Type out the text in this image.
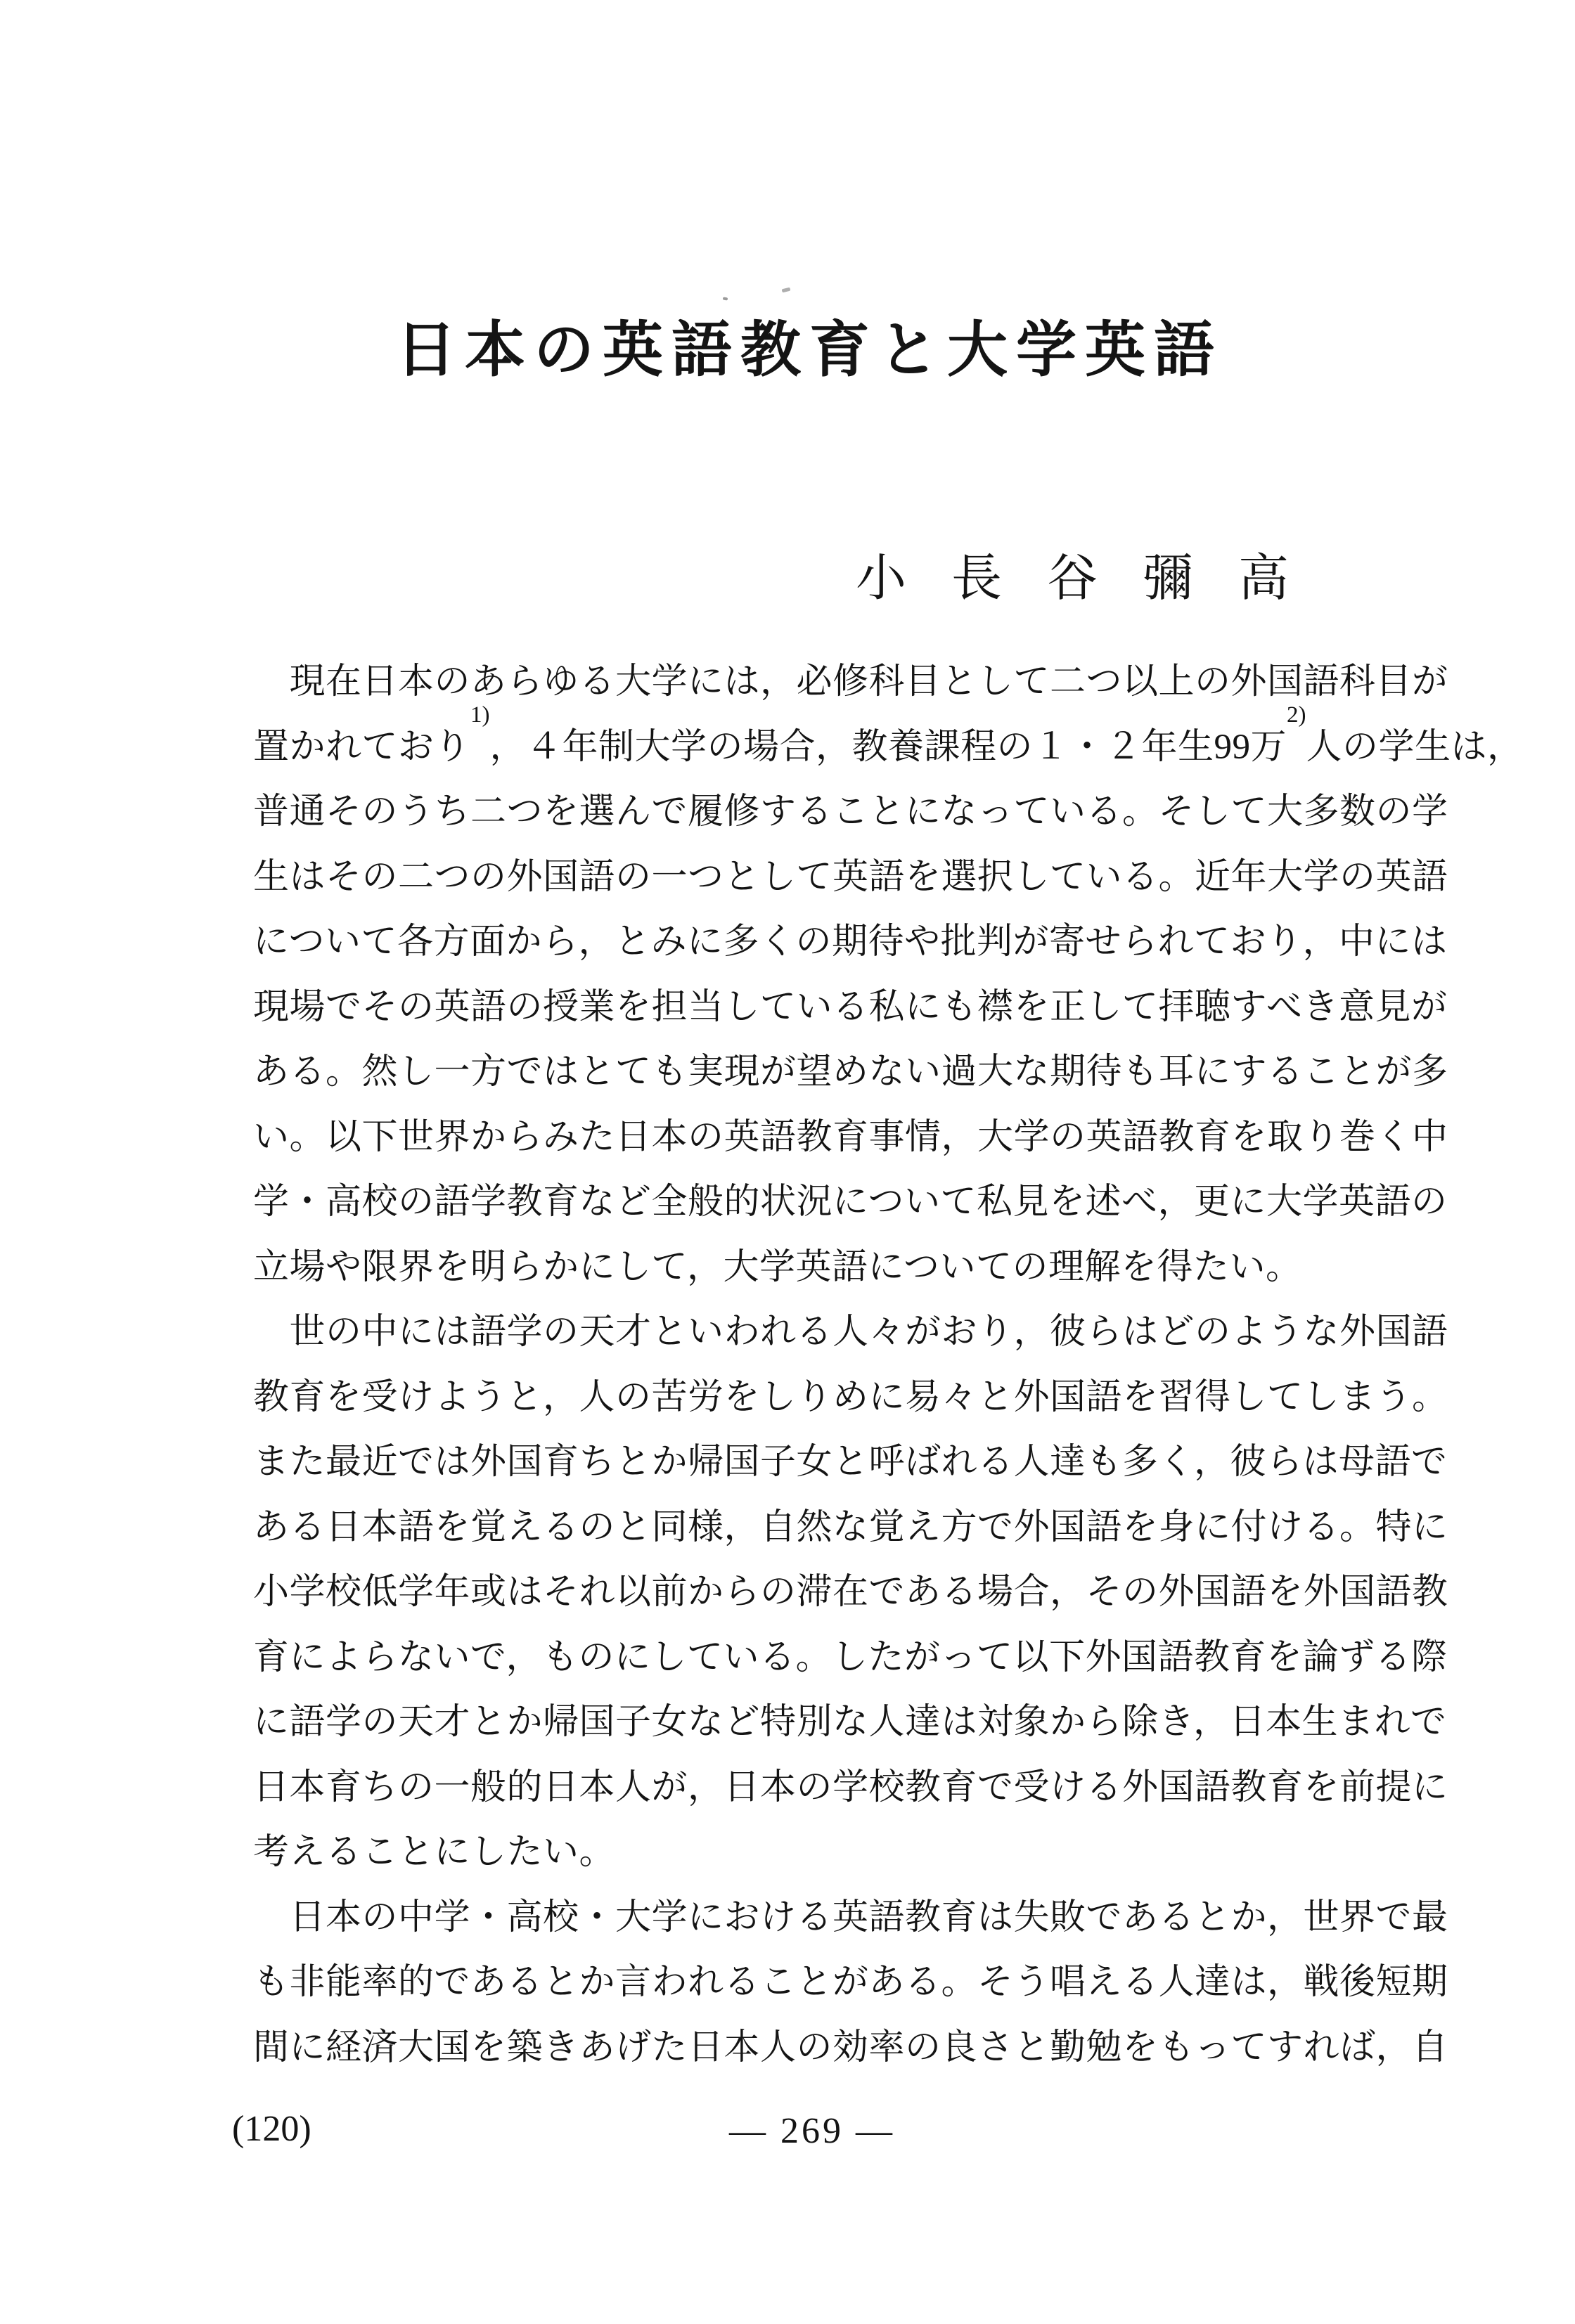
日本の英語教育と大学英語
小長谷彌高
　現在日本のあらゆる大学には，必修科目として二つ以上の外国語科目が
置かれており$^{1)}$，４年制大学の場合，教養課程の１・２年生99万$^{2)}$人の学生は，
普通そのうち二つを選んで履修することになっている。そして大多数の学
生はその二つの外国語の一つとして英語を選択している。近年大学の英語
について各方面から，とみに多くの期待や批判が寄せられており，中には
現場でその英語の授業を担当している私にも襟を正して拝聴すべき意見が
ある。然し一方ではとても実現が望めない過大な期待も耳にすることが多
い。以下世界からみた日本の英語教育事情，大学の英語教育を取り巻く中
学・高校の語学教育など全般的状況について私見を述べ，更に大学英語の
立場や限界を明らかにして，大学英語についての理解を得たい。
　世の中には語学の天才といわれる人々がおり，彼らはどのような外国語
教育を受けようと，人の苦労をしりめに易々と外国語を習得してしまう。
また最近では外国育ちとか帰国子女と呼ばれる人達も多く，彼らは母語で
ある日本語を覚えるのと同様，自然な覚え方で外国語を身に付ける。特に
小学校低学年或はそれ以前からの滞在である場合，その外国語を外国語教
育によらないで，ものにしている。したがって以下外国語教育を論ずる際
に語学の天才とか帰国子女など特別な人達は対象から除き，日本生まれで
日本育ちの一般的日本人が，日本の学校教育で受ける外国語教育を前提に
考えることにしたい。
　日本の中学・高校・大学における英語教育は失敗であるとか，世界で最
も非能率的であるとか言われることがある。そう唱える人達は，戦後短期
間に経済大国を築きあげた日本人の効率の良さと勤勉をもってすれば，自
(120)	— 269 —
